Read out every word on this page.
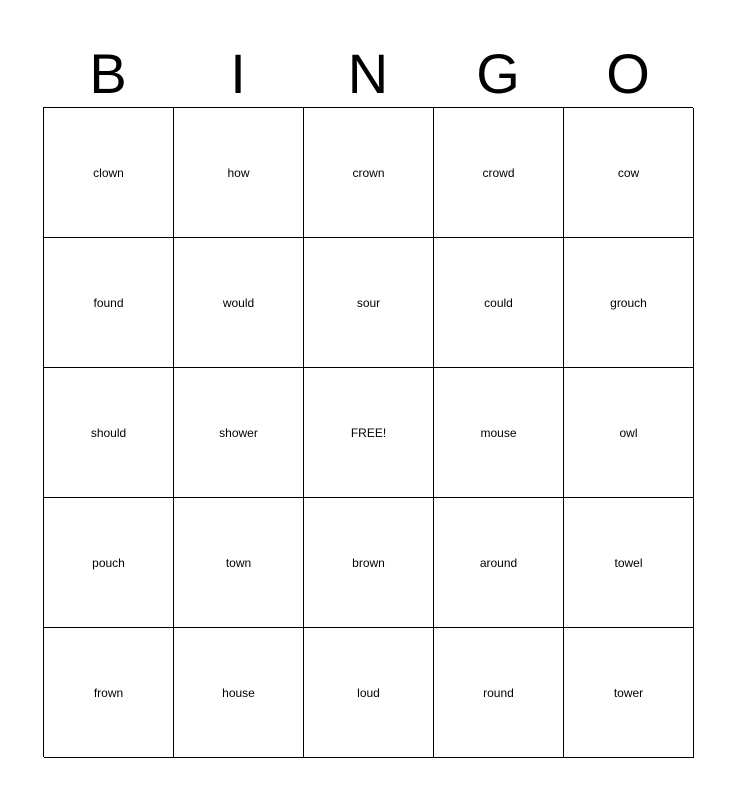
B	I	N	G	O
clown	how	crown	crowd	cow
found	would	sour	could	grouch
should	shower	FREE!	mouse	owl
pouch	town	brown	around	towel
frown	house	loud	round	tower
